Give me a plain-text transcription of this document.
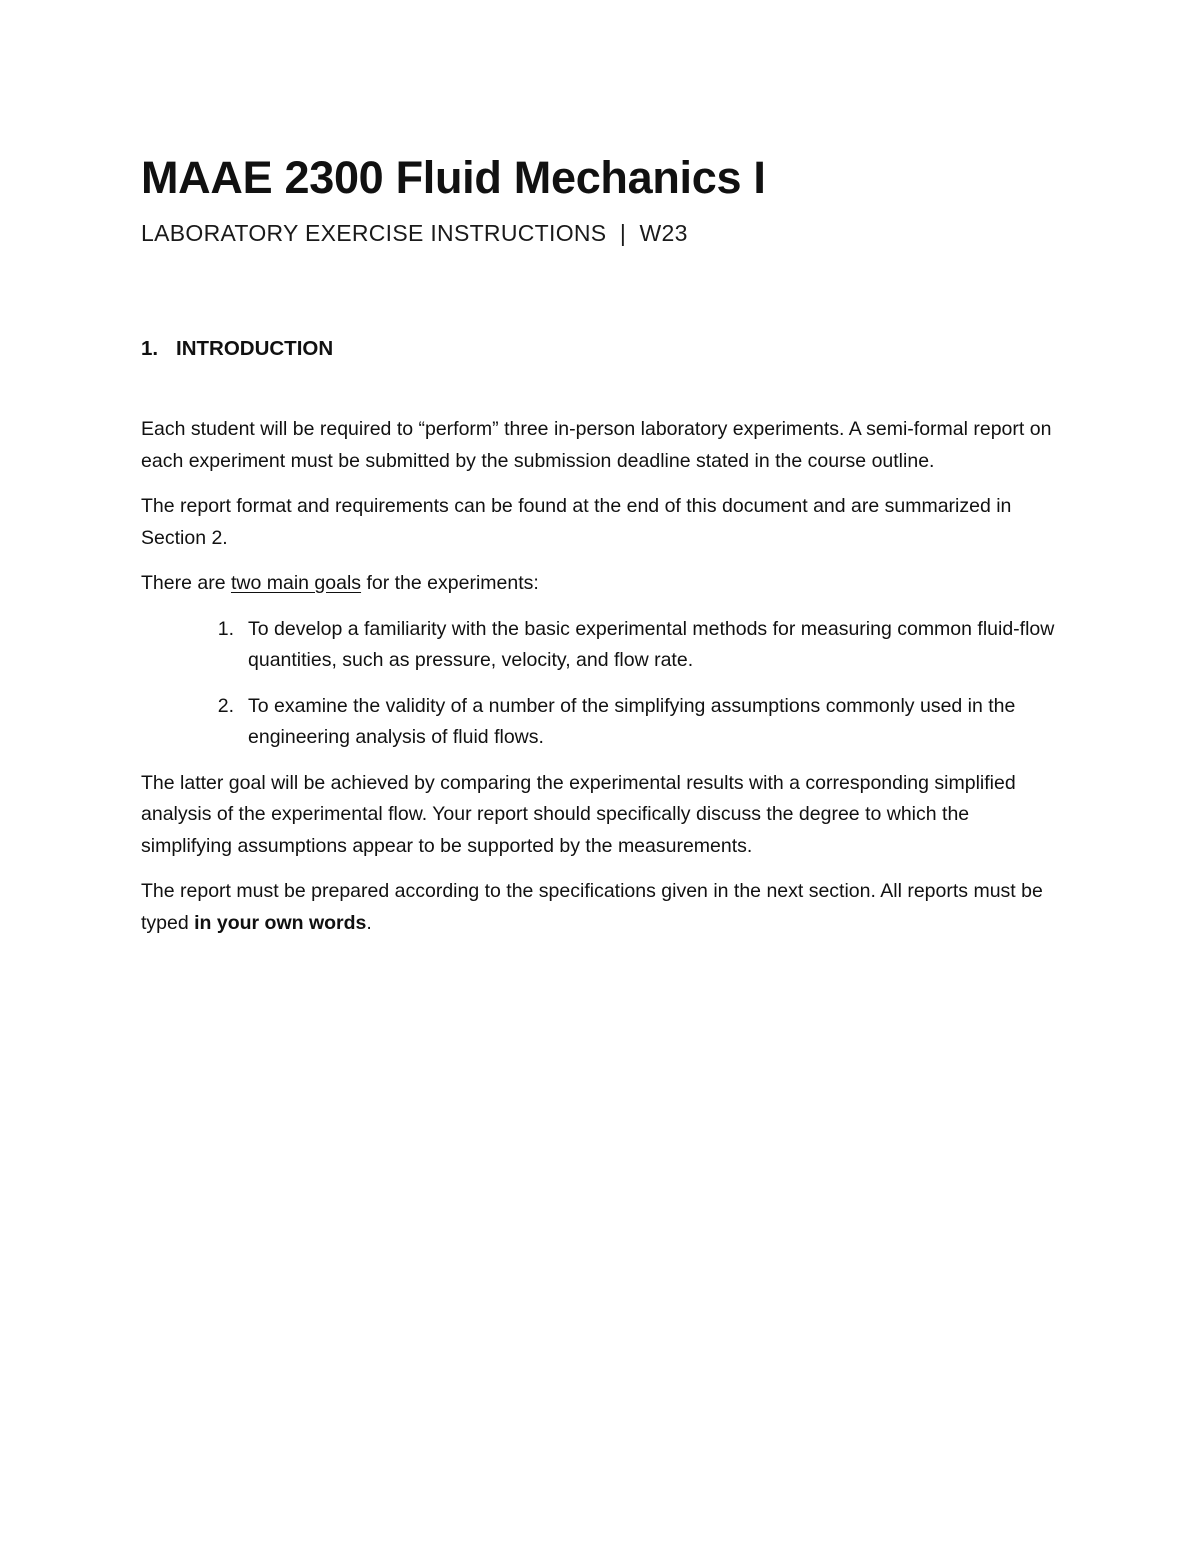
MAAE 2300 Fluid Mechanics I
LABORATORY EXERCISE INSTRUCTIONS  |  W23
1. INTRODUCTION

Each student will be required to “perform” three in-person laboratory experiments. A semi-formal report on each experiment must be submitted by the submission deadline stated in the course outline.

The report format and requirements can be found at the end of this document and are summarized in Section 2.

There are two main goals for the experiments:

1. To develop a familiarity with the basic experimental methods for measuring common fluid-flow quantities, such as pressure, velocity, and flow rate.
2. To examine the validity of a number of the simplifying assumptions commonly used in the engineering analysis of fluid flows.

The latter goal will be achieved by comparing the experimental results with a corresponding simplified analysis of the experimental flow. Your report should specifically discuss the degree to which the simplifying assumptions appear to be supported by the measurements.

The report must be prepared according to the specifications given in the next section. All reports must be typed in your own words.
